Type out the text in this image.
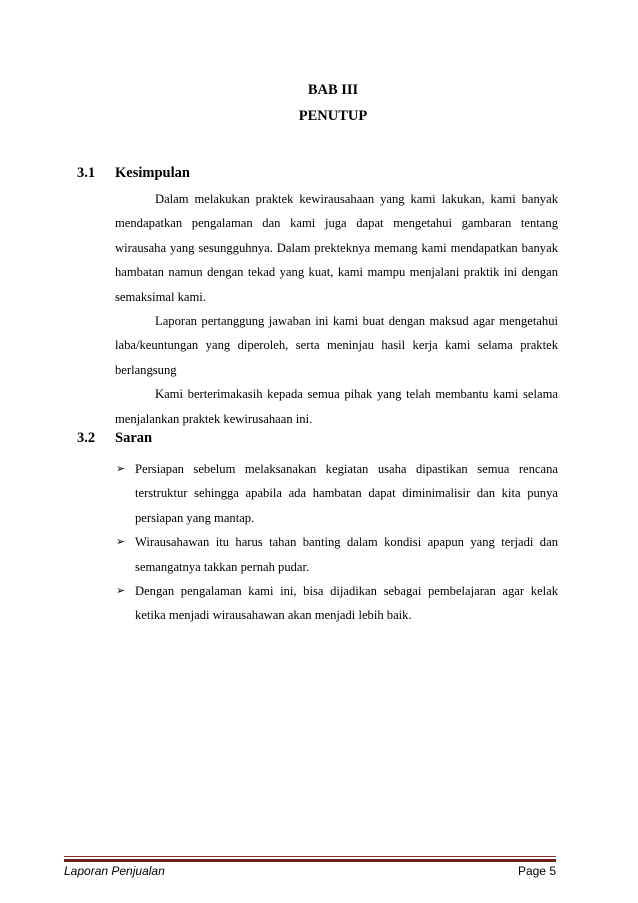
BAB III
PENUTUP
3.1 Kesimpulan

Dalam melakukan praktek kewirausahaan yang kami lakukan, kami banyak mendapatkan pengalaman dan kami juga dapat mengetahui gambaran tentang wirausaha yang sesungguhnya. Dalam prekteknya memang kami mendapatkan banyak hambatan namun dengan tekad yang kuat, kami mampu menjalani praktik ini dengan semaksimal kami.

Laporan pertanggung jawaban ini kami buat dengan maksud agar mengetahui laba/keuntungan yang diperoleh, serta meninjau hasil kerja kami selama praktek berlangsung

Kami berterimakasih kepada semua pihak yang telah membantu kami selama menjalankan praktek kewirusahaan ini.

3.2 Saran
➢ Persiapan sebelum melaksanakan kegiatan usaha dipastikan semua rencana terstruktur sehingga apabila ada hambatan dapat diminimalisir dan kita punya persiapan yang mantap.
➢ Wirausahawan itu harus tahan banting dalam kondisi apapun yang terjadi dan semangatnya takkan pernah pudar.
➢ Dengan pengalaman kami ini, bisa dijadikan sebagai pembelajaran agar kelak ketika menjadi wirausahawan akan menjadi lebih baik.
Laporan Penjualan	Page 5
